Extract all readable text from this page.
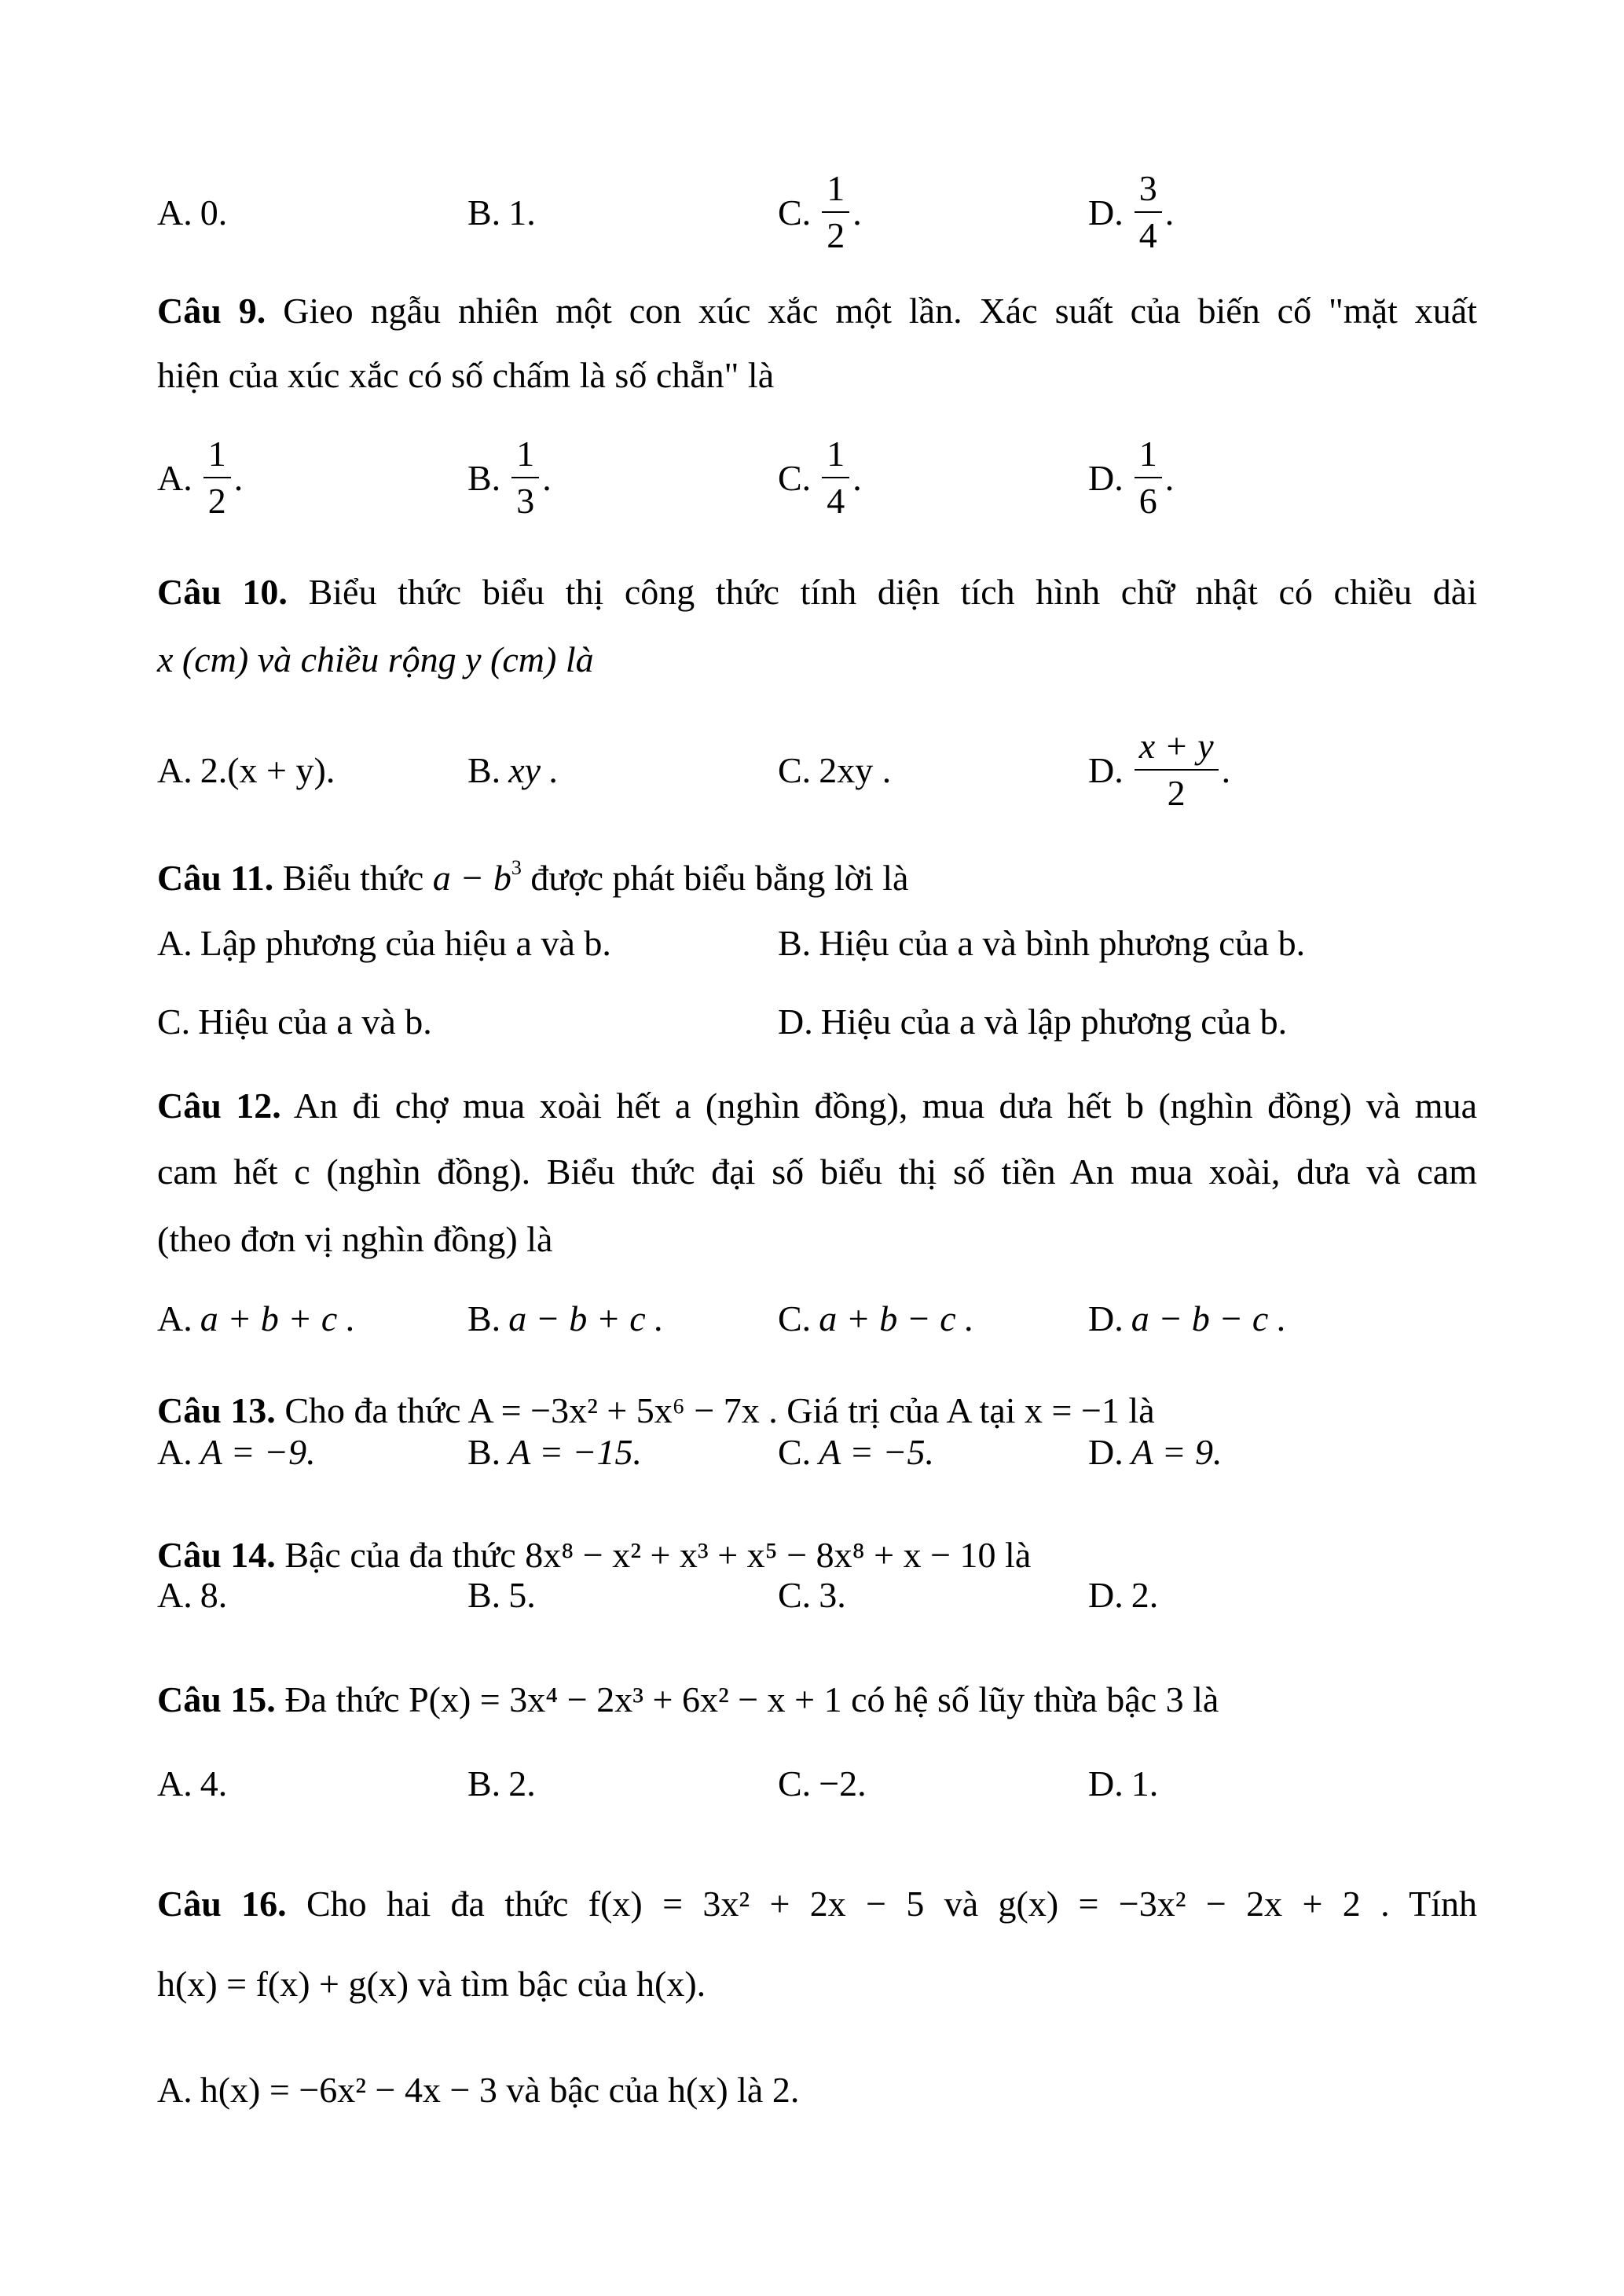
A. 0.	B. 1.	C. $\frac{1}{2}$ .	D. $\frac{3}{4}$ .
Câu 9. Gieo ngẫu nhiên một con xúc xắc một lần. Xác suất của biến cố "mặt xuất
hiện của xúc xắc có số chấm là số chẵn" là
A. $\frac{1}{2}$ .	B. $\frac{1}{3}$ .	C. $\frac{1}{4}$ .	D. $\frac{1}{6}$ .
Câu 10. Biểu thức biểu thị công thức tính diện tích hình chữ nhật có chiều dài
x (cm) và chiều rộng y (cm) là
A. 2.(x + y).	B. xy .	C. 2xy .	D. $\frac{x + y}{2}$ .
Câu 11. Biểu thức $a - b^3$ được phát biểu bằng lời là
A. Lập phương của hiệu a và b.	B. Hiệu của a và bình phương của b.
C. Hiệu của a và b.	D. Hiệu của a và lập phương của b.
Câu 12. An đi chợ mua xoài hết a (nghìn đồng), mua dưa hết b (nghìn đồng) và mua
cam hết c (nghìn đồng). Biểu thức đại số biểu thị số tiền An mua xoài, dưa và cam
(theo đơn vị nghìn đồng) là
A. a + b + c .	B. a − b + c .	C. a + b − c .	D. a − b − c .
Câu 13. Cho đa thức A = −3x² + 5x⁶ − 7x . Giá trị của A tại x = −1 là
A. A = −9.	B. A = −15.	C. A = −5.	D. A = 9.
Câu 14. Bậc của đa thức 8x⁸ − x² + x³ + x⁵ − 8x⁸ + x − 10 là
A. 8.	B. 5.	C. 3.	D. 2.
Câu 15. Đa thức P(x) = 3x⁴ − 2x³ + 6x² − x + 1 có hệ số lũy thừa bậc 3 là
A. 4.	B. 2.	C. −2.	D. 1.
Câu 16. Cho hai đa thức f(x) = 3x² + 2x − 5 và g(x) = −3x² − 2x + 2 . Tính
h(x) = f(x) + g(x) và tìm bậc của h(x).
A. h(x) = −6x² − 4x − 3 và bậc của h(x) là 2.
